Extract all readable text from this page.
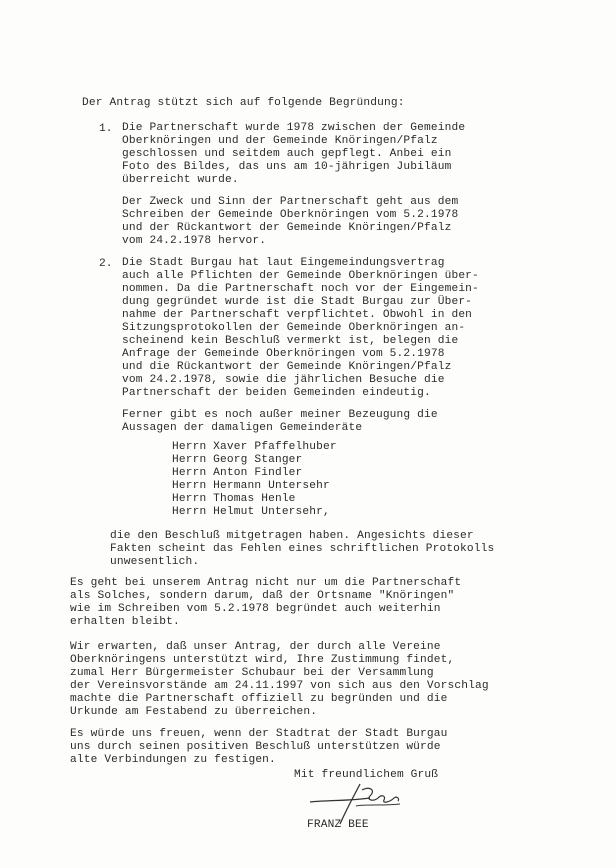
Der Antrag stützt sich auf folgende Begründung:
1. Die Partnerschaft wurde 1978 zwischen der Gemeinde
Oberknöringen und der Gemeinde Knöringen/Pfalz
geschlossen und seitdem auch gepflegt. Anbei ein
Foto des Bildes, das uns am 10-jährigen Jubiläum
überreicht wurde.
Der Zweck und Sinn der Partnerschaft geht aus dem
Schreiben der Gemeinde Oberknöringen vom 5.2.1978
und der Rückantwort der Gemeinde Knöringen/Pfalz
vom 24.2.1978 hervor.
2. Die Stadt Burgau hat laut Eingemeindungsvertrag
auch alle Pflichten der Gemeinde Oberknöringen über-
nommen. Da die Partnerschaft noch vor der Eingemein-
dung gegründet wurde ist die Stadt Burgau zur Über-
nahme der Partnerschaft verpflichtet. Obwohl in den
Sitzungsprotokollen der Gemeinde Oberknöringen an-
scheinend kein Beschluß vermerkt ist, belegen die
Anfrage der Gemeinde Oberknöringen vom 5.2.1978
und die Rückantwort der Gemeinde Knöringen/Pfalz
vom 24.2.1978, sowie die jährlichen Besuche die
Partnerschaft der beiden Gemeinden eindeutig.
Ferner gibt es noch außer meiner Bezeugung die
Aussagen der damaligen Gemeinderäte
Herrn Xaver Pfaffelhuber
Herrn Georg Stanger
Herrn Anton Findler
Herrn Hermann Untersehr
Herrn Thomas Henle
Herrn Helmut Untersehr,
die den Beschluß mitgetragen haben. Angesichts dieser
Fakten scheint das Fehlen eines schriftlichen Protokolls
unwesentlich.
Es geht bei unserem Antrag nicht nur um die Partnerschaft
als Solches, sondern darum, daß der Ortsname "Knöringen"
wie im Schreiben vom 5.2.1978 begründet auch weiterhin
erhalten bleibt.
Wir erwarten, daß unser Antrag, der durch alle Vereine
Oberknöringens unterstützt wird, Ihre Zustimmung findet,
zumal Herr Bürgermeister Schubaur bei der Versammlung
der Vereinsvorstände am 24.11.1997 von sich aus den Vorschlag
machte die Partnerschaft offiziell zu begründen und die
Urkunde am Festabend zu überreichen.
Es würde uns freuen, wenn der Stadtrat der Stadt Burgau
uns durch seinen positiven Beschluß unterstützen würde
alte Verbindungen zu festigen.
Mit freundlichem Gruß
FRANZ BEE
